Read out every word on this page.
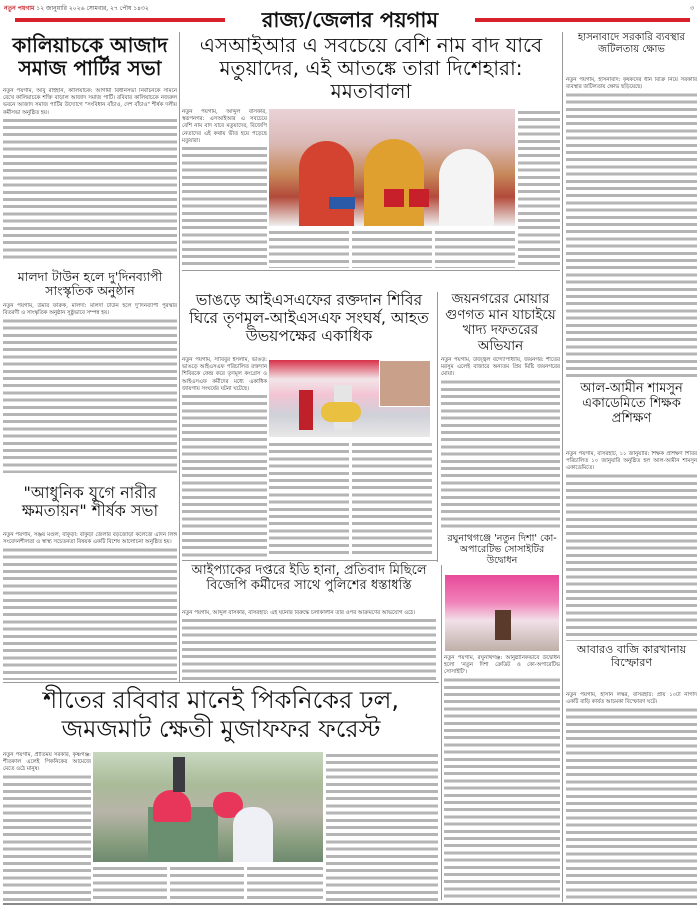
নতুন পয়গাম ১২ জানুয়ারি ২০২৬ সোমবার, ২৭ পৌষ ১৪৩২	৩
রাজ্য/জেলার পয়গাম
কালিয়াচকে আজাদ সমাজ পার্টির সভা
নতুন পয়গাম, আবু রাইহান, কালিয়াচক: আগামী বিধানসভা নির্বাচনকে সামনে রেখে কালিয়াচকে শক্তি বাড়াল আজাদ সমাজ পার্টি। রবিবার কালিয়াচকে নজরুল ভবনে আজাদ সমাজ পার্টির উদ্যোগে "সংবিধান বাঁচাও, দেশ বাঁচাও" শীর্ষক দলীয় কর্মীসভা অনুষ্ঠিত হয়।
এসআইআর এ সবচেয়ে বেশি নাম বাদ যাবে মতুয়াদের, এই আতঙ্কে তারা দিশেহারা: মমতাবালা
নতুন পয়গাম, আব্দুল বাসকার, স্বরূপনগর: এসআইআর এ সবচেয়ে বেশি নাম বাদ যাবে মতুয়াদের, বিজেপি নেতাদের এই কথায় ভীত হয়ে পড়েছে মতুয়ারা।
মালদা টাউন হলে দু'দিনব্যাপী সাংস্কৃতিক অনুষ্ঠান
নতুন পয়গাম, উমার ফারুক, মালদা: মালদা টাউন হলে দু'দিনব্যাপী পুরস্কার বিতরণী ও সাংস্কৃতিক অনুষ্ঠান সুষ্ঠুভাবে সম্পন্ন হয়।
"আধুনিক যুগে নারীর ক্ষমতায়ন" শীর্ষক সভা
নতুন পয়গাম, সঞ্জয় মণ্ডল, বাঁকুড়া: বাঁকুড়া জেলার বড়জোড়া কলেজে এদিন লিঙ্গ সংবেদনশীলতা ও স্বাস্থ্য সচেতনতা বিষয়ক একটি বিশেষ আলোচনা অনুষ্ঠিত হয়।
ভাঙড়ে আইএসএফের রক্তদান শিবির ঘিরে তৃণমূল-আইএসএফ সংঘর্ষ, আহত উভয়পক্ষের একাধিক
নতুন পয়গাম, সাবিবুর ইসলাম, ভাঙড়: ভাঙড়ে আইএসএফ পরিচালিত রক্তদান শিবিরকে কেন্দ্র করে তৃণমূল কংগ্রেস ও আইএসএফ কর্মীদের মধ্যে একাধিক জায়গায় সংঘর্ষের ঘটনা ঘটেছে।
জয়নগরের মোয়ার গুণগত মান যাচাইয়ে খাদ্য দফতরের অভিযান
নতুন পয়গাম, উজ্জ্বল বন্দ্যোপাধ্যায়, জয়নগর: শীতের মরসুম এলেই বাজারে অন্যতম প্রিয় মিষ্টি জয়নগরের মোয়া।
আইপ্যাকের দপ্তরে ইডি হানা, প্রতিবাদ মিছিলে বিজেপি কর্মীদের সাথে পুলিশের ধস্তাধস্তি
নতুন পয়গাম, আব্দুল বাসকার, বসিরহাট: এই ঘটনার বিরুদ্ধে চলাকালীন তার ওপর আক্রমণের অভিযোগ ওঠে।
রঘুনাথগঞ্জে 'নতুন দিশা' কো-অপারেটিভ সোসাইটির উদ্বোধন
নতুন পয়গাম, রঘুনাথগঞ্জ: আনুষ্ঠানিকভাবে উদ্বোধন হলো 'নতুন দিশা ক্রেডিট ও কো-অপারেটিভ সোসাইটি'।
শীতের রবিবার মানেই পিকনিকের ঢল, জমজমাট ক্ষেতী মুজাফফর ফরেস্ট
নতুন পয়গাম, প্রীতিময় সরকার, কৃষ্ণগঞ্জ: শীতকাল এলেই পিকনিকের আমেজে মেতে ওঠে মানুষ।
হাসনাবাদে সরকারি ব্যবস্থার জটিলতায় ক্ষোভ
নতুন পয়গাম, হাসনাবাদ: কৃষকদের ধান বিক্রি নিয়ে সরকারি ব্যবস্থার জটিলতায় ক্ষোভ ছড়িয়েছে।
আল-আমীন শামসুন একাডেমিতে শিক্ষক প্রশিক্ষণ
নতুন পয়গাম, বসিরহাট, ১১ জানুয়ারি: শিক্ষক প্রশিক্ষণ শিবির পরিচালিত ১০ জানুয়ারি অনুষ্ঠিত হল আল-আমীন শামসুন একাডেমিতে।
আবারও বাজি কারখানায় বিস্ফোরণ
নতুন পয়গাম, হাসান লস্কর, বসিরহাট: প্রায় ১০টা নাগাদ একটি বাড়ি কার্যত আচমকা বিস্ফোরণ ঘটে।
